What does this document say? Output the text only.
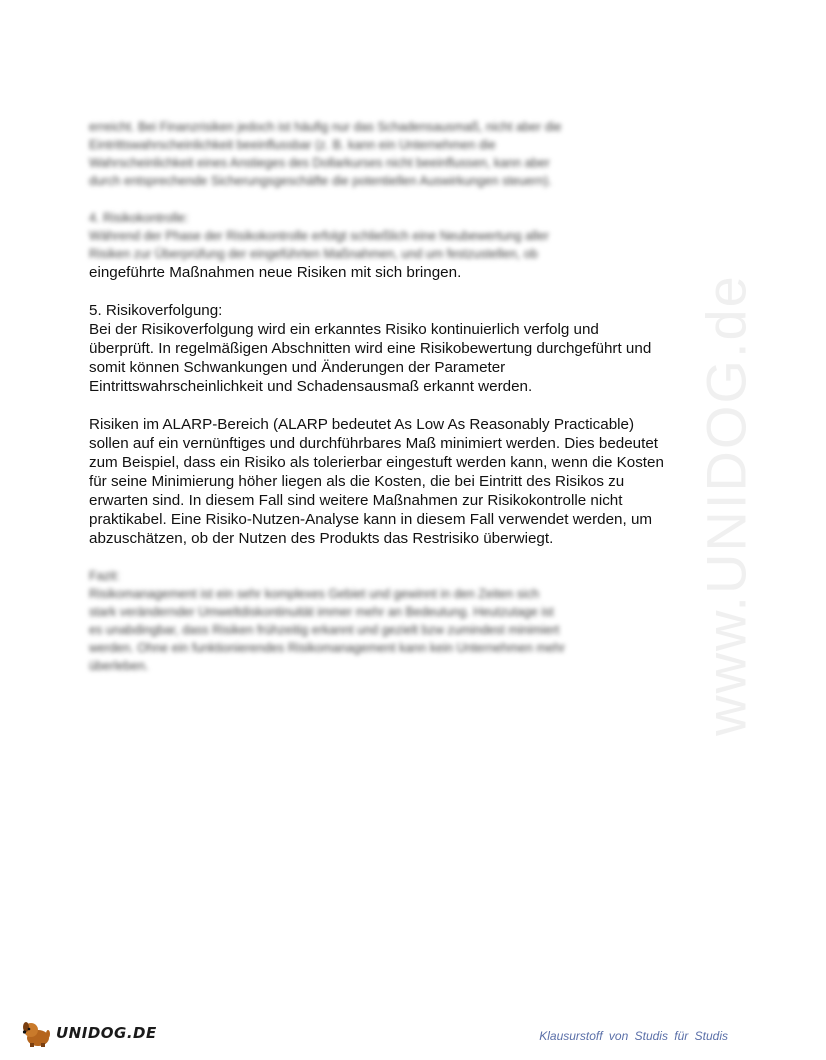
www.UNIDOG.de

erreicht. Bei Finanzrisiken jedoch ist häufig nur das Schadensausmaß, nicht aber die
Eintrittswahrscheinlichkeit beeinflussbar (z. B. kann ein Unternehmen die
Wahrscheinlichkeit eines Anstieges des Dollarkurses nicht beeinflussen, kann aber
durch entsprechende Sicherungsgeschäfte die potentiellen Auswirkungen steuern).

4. Risikokontrolle:
Während der Phase der Risikokontrolle erfolgt schließlich eine Neubewertung aller
Risiken zur Überprüfung der eingeführten Maßnahmen, und um festzustellen, ob
eingeführte Maßnahmen neue Risiken mit sich bringen.

5. Risikoverfolgung:
Bei der Risikoverfolgung wird ein erkanntes Risiko kontinuierlich verfolg und
überprüft. In regelmäßigen Abschnitten wird eine Risikobewertung durchgeführt und
somit können Schwankungen und Änderungen der Parameter
Eintrittswahrscheinlichkeit und Schadensausmaß erkannt werden.

Risiken im ALARP-Bereich (ALARP bedeutet As Low As Reasonably Practicable)
sollen auf ein vernünftiges und durchführbares Maß minimiert werden. Dies bedeutet
zum Beispiel, dass ein Risiko als tolerierbar eingestuft werden kann, wenn die Kosten
für seine Minimierung höher liegen als die Kosten, die bei Eintritt des Risikos zu
erwarten sind. In diesem Fall sind weitere Maßnahmen zur Risikokontrolle nicht
praktikabel. Eine Risiko-Nutzen-Analyse kann in diesem Fall verwendet werden, um
abzuschätzen, ob der Nutzen des Produkts das Restrisiko überwiegt.

Fazit:
Risikomanagement ist ein sehr komplexes Gebiet und gewinnt in den Zeiten sich
stark verändernder Umweltdiskontinuität immer mehr an Bedeutung. Heutzutage ist
es unabdingbar, dass Risiken frühzeitig erkannt und gezielt bzw zumindest minimiert
werden. Ohne ein funktionierendes Risikomanagement kann kein Unternehmen mehr
überleben.

UNIDOG.DE	Klausurstoff von Studis für Studis
